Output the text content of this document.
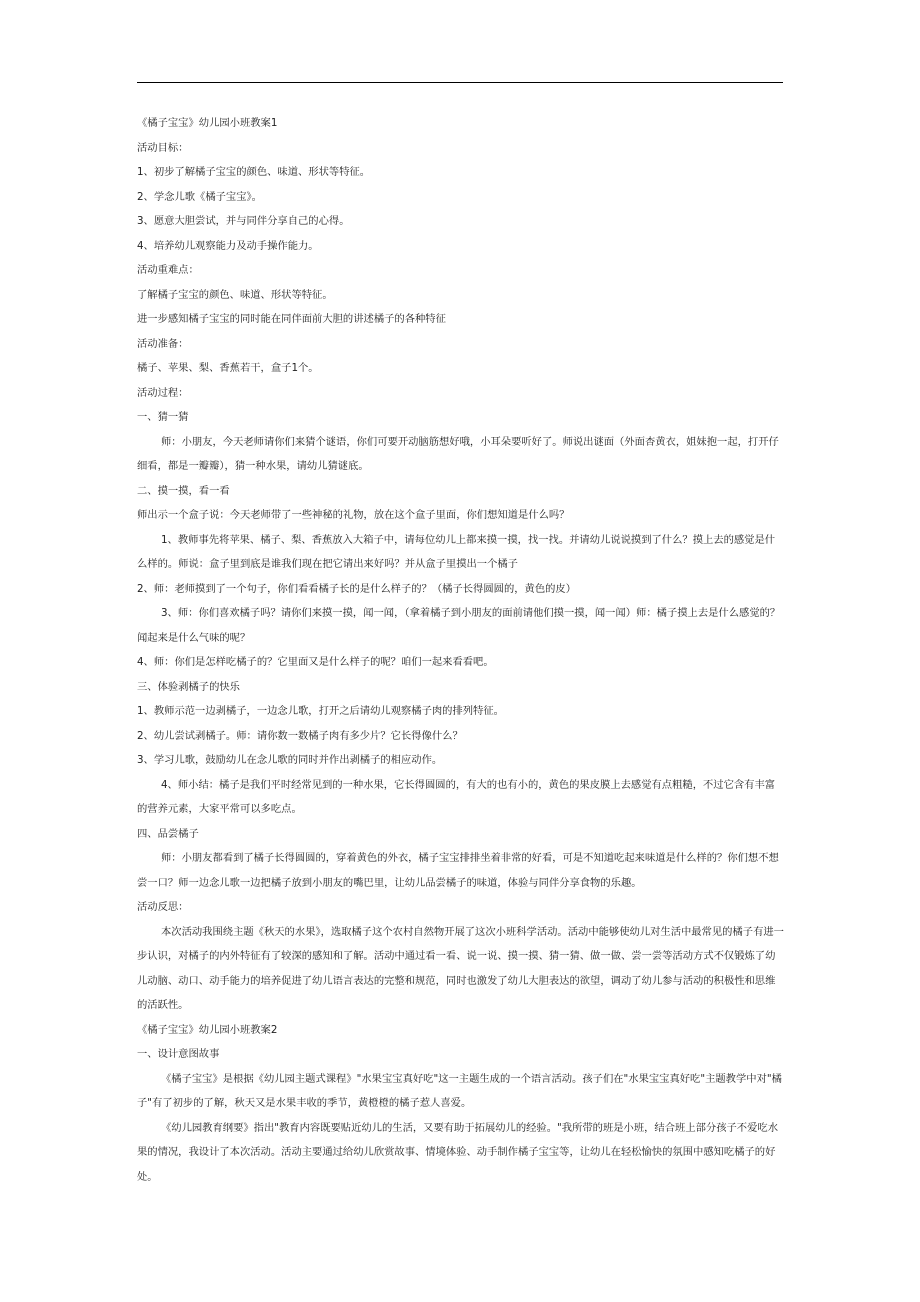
《橘子宝宝》幼儿园小班教案1

活动目标：

1、初步了解橘子宝宝的颜色、味道、形状等特征。

2、学念儿歌《橘子宝宝》。

3、愿意大胆尝试，并与同伴分享自己的心得。

4、培养幼儿观察能力及动手操作能力。

活动重难点：

了解橘子宝宝的颜色、味道、形状等特征。

进一步感知橘子宝宝的同时能在同伴面前大胆的讲述橘子的各种特征

活动准备：

橘子、苹果、梨、香蕉若干，盒子1个。

活动过程：

一、猜一猜

师：小朋友，今天老师请你们来猜个谜语，你们可要开动脑筋想好哦，小耳朵要听好了。师说出谜面（外面杏黄衣，姐妹抱一起，打开仔细看，都是一瓣瓣），猜一种水果，请幼儿猜谜底。

二、摸一摸，看一看

师出示一个盒子说：今天老师带了一些神秘的礼物，放在这个盒子里面，你们想知道是什么吗？

1、教师事先将苹果、橘子、梨、香蕉放入大箱子中，请每位幼儿上都来摸一摸，找一找。并请幼儿说说摸到了什么？摸上去的感觉是什么样的。师说：盒子里到底是谁我们现在把它请出来好吗？并从盒子里摸出一个橘子

2、师：老师摸到了一个句子，你们看看橘子长的是什么样子的？（橘子长得圆圆的，黄色的皮）

3、师：你们喜欢橘子吗？请你们来摸一摸，闻一闻，（拿着橘子到小朋友的面前请他们摸一摸，闻一闻）师：橘子摸上去是什么感觉的？闻起来是什么气味的呢？

4、师：你们是怎样吃橘子的？它里面又是什么样子的呢？咱们一起来看看吧。

三、体验剥橘子的快乐

1、教师示范一边剥橘子，一边念儿歌，打开之后请幼儿观察橘子肉的排列特征。

2、幼儿尝试剥橘子。师：请你数一数橘子肉有多少片？它长得像什么？

3、学习儿歌，鼓励幼儿在念儿歌的同时并作出剥橘子的相应动作。

4、师小结：橘子是我们平时经常见到的一种水果，它长得圆圆的，有大的也有小的，黄色的果皮膜上去感觉有点粗糙，不过它含有丰富的营养元素，大家平常可以多吃点。

四、品尝橘子

师：小朋友都看到了橘子长得圆圆的，穿着黄色的外衣，橘子宝宝排排坐着非常的好看，可是不知道吃起来味道是什么样的？你们想不想尝一口？师一边念儿歌一边把橘子放到小朋友的嘴巴里，让幼儿品尝橘子的味道，体验与同伴分享食物的乐趣。

活动反思：

本次活动我围绕主题《秋天的水果》，选取橘子这个农村自然物开展了这次小班科学活动。活动中能够使幼儿对生活中最常见的橘子有进一步认识，对橘子的内外特征有了较深的感知和了解。活动中通过看一看、说一说、摸一摸、猜一猜、做一做、尝一尝等活动方式不仅锻炼了幼儿动脑、动口、动手能力的培养促进了幼儿语言表达的完整和规范，同时也激发了幼儿大胆表达的欲望，调动了幼儿参与活动的积极性和思维的活跃性。

《橘子宝宝》幼儿园小班教案2

一、设计意图故事

《橘子宝宝》是根据《幼儿园主题式课程》"水果宝宝真好吃"这一主题生成的一个语言活动。孩子们在"水果宝宝真好吃"主题教学中对"橘子"有了初步的了解，秋天又是水果丰收的季节，黄橙橙的橘子惹人喜爱。

《幼儿园教育纲要》指出"教育内容既要贴近幼儿的生活，又要有助于拓展幼儿的经验。"我所带的班是小班，结合班上部分孩子不爱吃水果的情况，我设计了本次活动。活动主要通过给幼儿欣赏故事、情境体验、动手制作橘子宝宝等，让幼儿在轻松愉快的氛围中感知吃橘子的好处。
